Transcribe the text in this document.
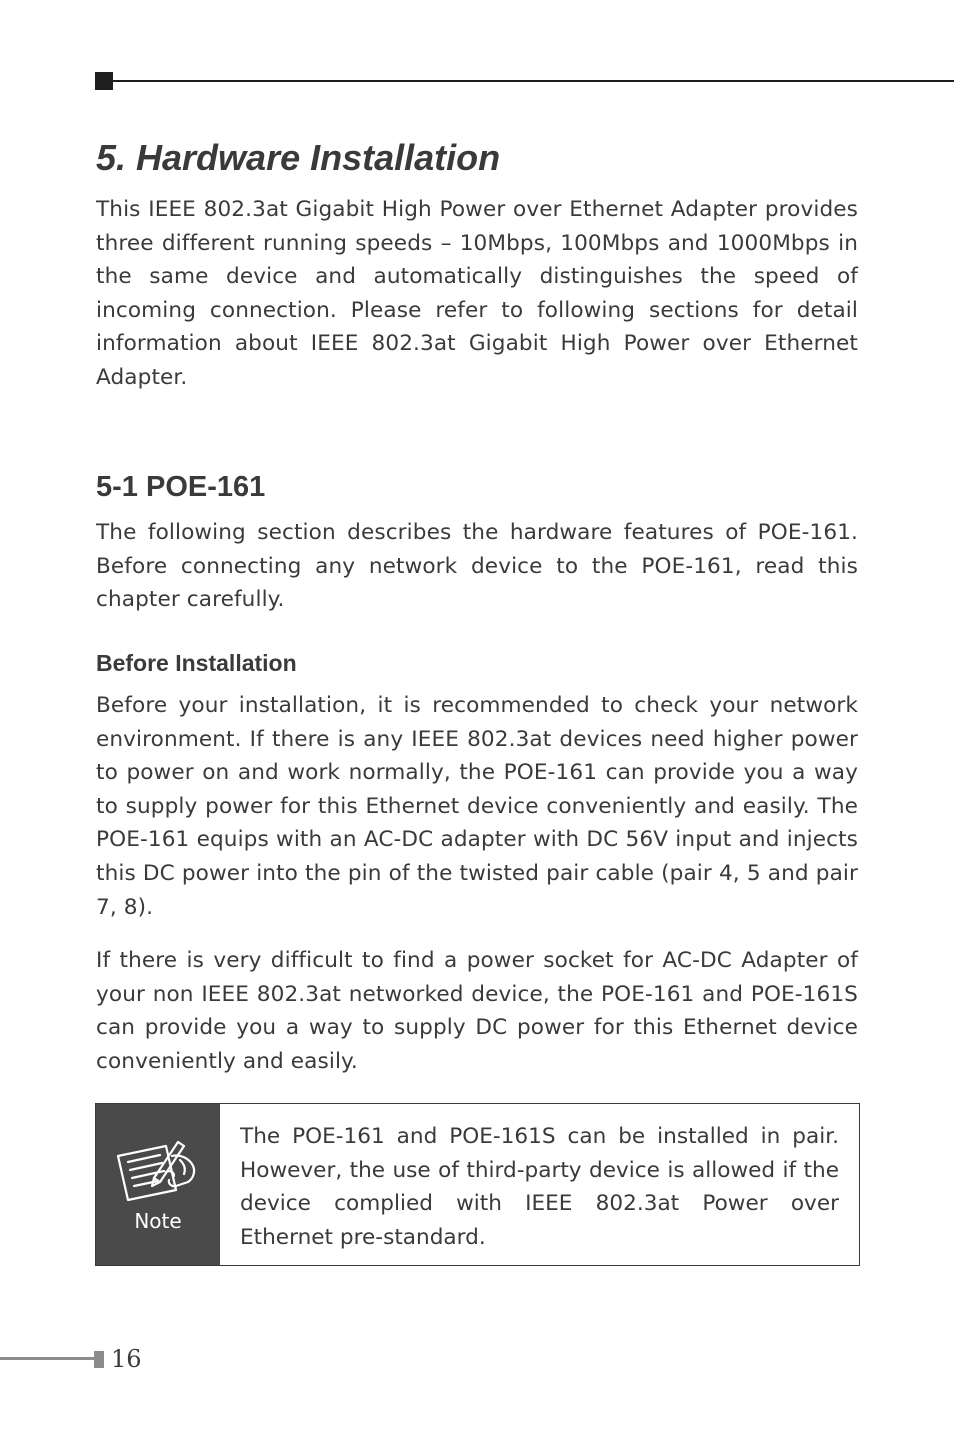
5. Hardware Installation

This IEEE 802.3at Gigabit High Power over Ethernet Adapter provides three different running speeds – 10Mbps, 100Mbps and 1000Mbps in the same device and automatically distinguishes the speed of incoming connection. Please refer to following sections for detail information about IEEE 802.3at Gigabit High Power over Ethernet Adapter.

5-1 POE-161

The following section describes the hardware features of POE-161. Before connecting any network device to the POE-161, read this chapter carefully.

Before Installation

Before your installation, it is recommended to check your network environment. If there is any IEEE 802.3at devices need higher power to power on and work normally, the POE-161 can provide you a way to supply power for this Ethernet device conveniently and easily. The POE-161 equips with an AC-DC adapter with DC 56V input and injects this DC power into the pin of the twisted pair cable (pair 4, 5 and pair 7, 8).

If there is very difficult to find a power socket for AC-DC Adapter of your non IEEE 802.3at networked device, the POE-161 and POE-161S can provide you a way to supply DC power for this Ethernet device conveniently and easily.

Note

The POE-161 and POE-161S can be installed in pair. However, the use of third-party device is allowed if the device complied with IEEE 802.3at Power over Ethernet pre-standard.

16
